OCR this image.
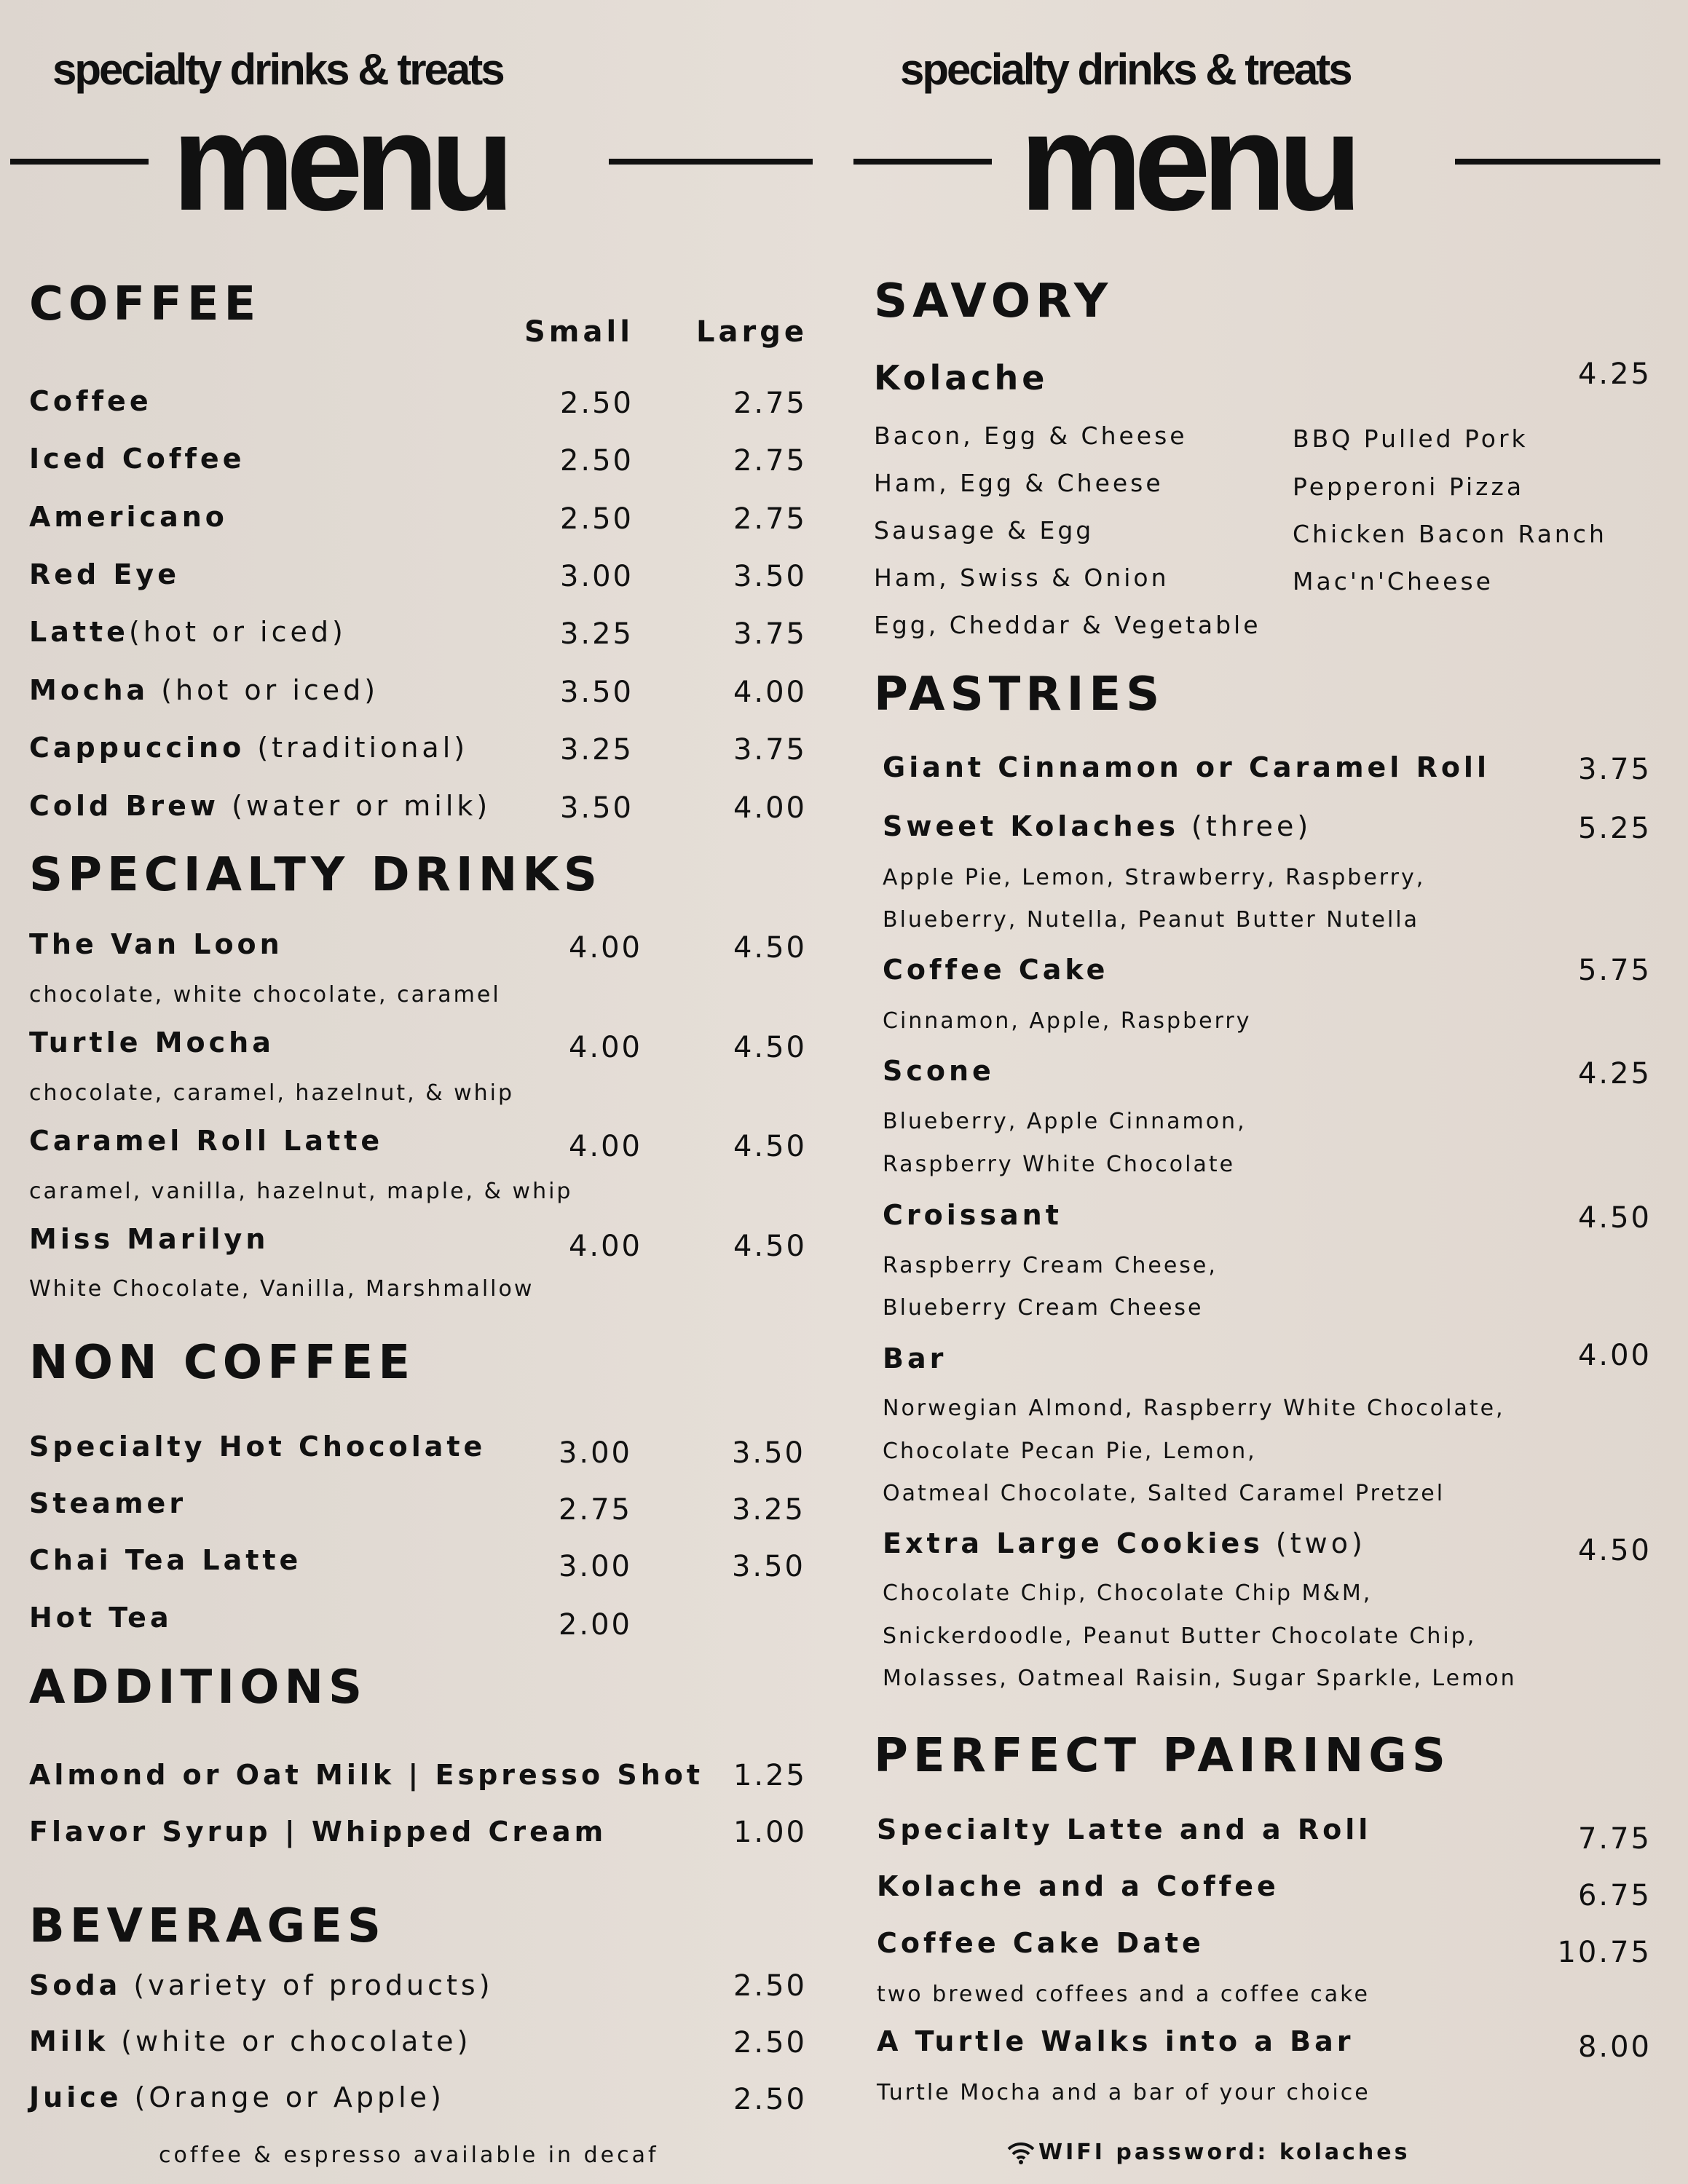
specialty drinks & treats
menu
specialty drinks & treats
menu
COFFEE
Small Large
Coffee	2.50	2.75
Iced Coffee	2.50	2.75
Americano	2.50	2.75
Red Eye	3.00	3.50
Latte(hot or iced)	3.25	3.75
Mocha (hot or iced)	3.50	4.00
Cappuccino (traditional)	3.25	3.75
Cold Brew (water or milk)	3.50	4.00
SPECIALTY DRINKS
The Van Loon	4.00	4.50
chocolate, white chocolate, caramel
Turtle Mocha	4.00	4.50
chocolate, caramel, hazelnut, & whip
Caramel Roll Latte	4.00	4.50
caramel, vanilla, hazelnut, maple, & whip
Miss Marilyn	4.00	4.50
White Chocolate, Vanilla, Marshmallow
NON COFFEE
Specialty Hot Chocolate	3.00	3.50
Steamer	2.75	3.25
Chai Tea Latte	3.00	3.50
Hot Tea	2.00
ADDITIONS
Almond or Oat Milk | Espresso Shot	1.25
Flavor Syrup | Whipped Cream	1.00
BEVERAGES
Soda (variety of products)	2.50
Milk (white or chocolate)	2.50
Juice (Orange or Apple)	2.50
coffee & espresso available in decaf
SAVORY
Kolache	4.25
Bacon, Egg & Cheese
Ham, Egg & Cheese
Sausage & Egg
Ham, Swiss & Onion
Egg, Cheddar & Vegetable
BBQ Pulled Pork
Pepperoni Pizza
Chicken Bacon Ranch
Mac'n'Cheese
PASTRIES
Giant Cinnamon or Caramel Roll	3.75
Sweet Kolaches (three)	5.25
Apple Pie, Lemon, Strawberry, Raspberry,
Blueberry, Nutella, Peanut Butter Nutella
Coffee Cake	5.75
Cinnamon, Apple, Raspberry
Scone	4.25
Blueberry, Apple Cinnamon,
Raspberry White Chocolate
Croissant	4.50
Raspberry Cream Cheese,
Blueberry Cream Cheese
Bar	4.00
Norwegian Almond, Raspberry White Chocolate,
Chocolate Pecan Pie, Lemon,
Oatmeal Chocolate, Salted Caramel Pretzel
Extra Large Cookies (two)	4.50
Chocolate Chip, Chocolate Chip M&M,
Snickerdoodle, Peanut Butter Chocolate Chip,
Molasses, Oatmeal Raisin, Sugar Sparkle, Lemon
PERFECT PAIRINGS
Specialty Latte and a Roll	7.75
Kolache and a Coffee	6.75
Coffee Cake Date	10.75
two brewed coffees and a coffee cake
A Turtle Walks into a Bar	8.00
Turtle Mocha and a bar of your choice
WIFI password: kolaches
